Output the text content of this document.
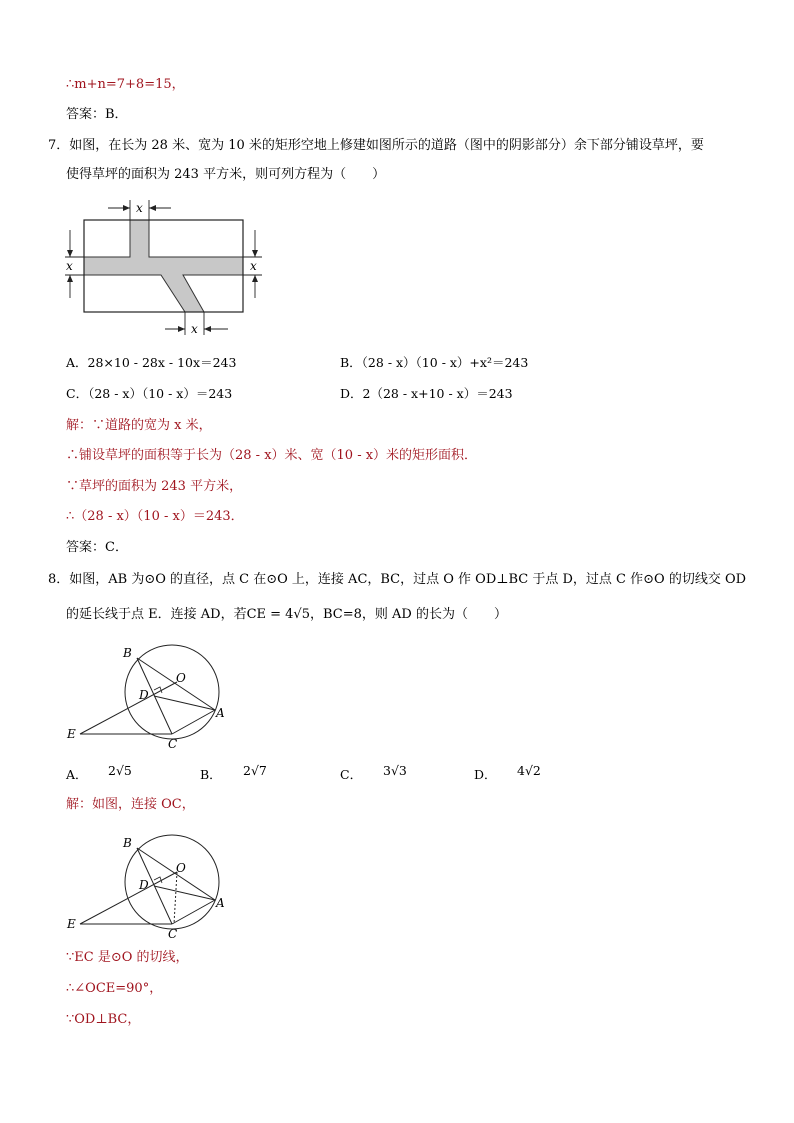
∴m+n=7+8=15，
答案：B．
7．如图，在长为 28 米、宽为 10 米的矩形空地上修建如图所示的道路（图中的阴影部分）余下部分铺设草坪，要
使得草坪的面积为 243 平方米，则可列方程为（　　）
x
x	x
x
A．28×10 - 28x - 10x＝243	B．（28 - x）（10 - x）+x²＝243
C．（28 - x）（10 - x）＝243	D．2（28 - x+10 - x）＝243
解：∵道路的宽为 x 米，
∴铺设草坪的面积等于长为（28 - x）米、宽（10 - x）米的矩形面积．
∵草坪的面积为 243 平方米，
∴（28 - x）（10 - x）＝243．
答案：C．
8．如图，AB 为⊙O 的直径，点 C 在⊙O 上，连接 AC，BC，过点 O 作 OD⊥BC 于点 D，过点 C 作⊙O 的切线交 OD
的延长线于点 E．连接 AD，若CE = 4√5，BC=8，则 AD 的长为（　　）
B
O
D
A
E
C
A． 2√5	B． 2√7	C． 3√3	D． 4√2
解：如图，连接 OC，
B
O
D
A
E
C
∵EC 是⊙O 的切线，
∴∠OCE=90°，
∵OD⊥BC，
